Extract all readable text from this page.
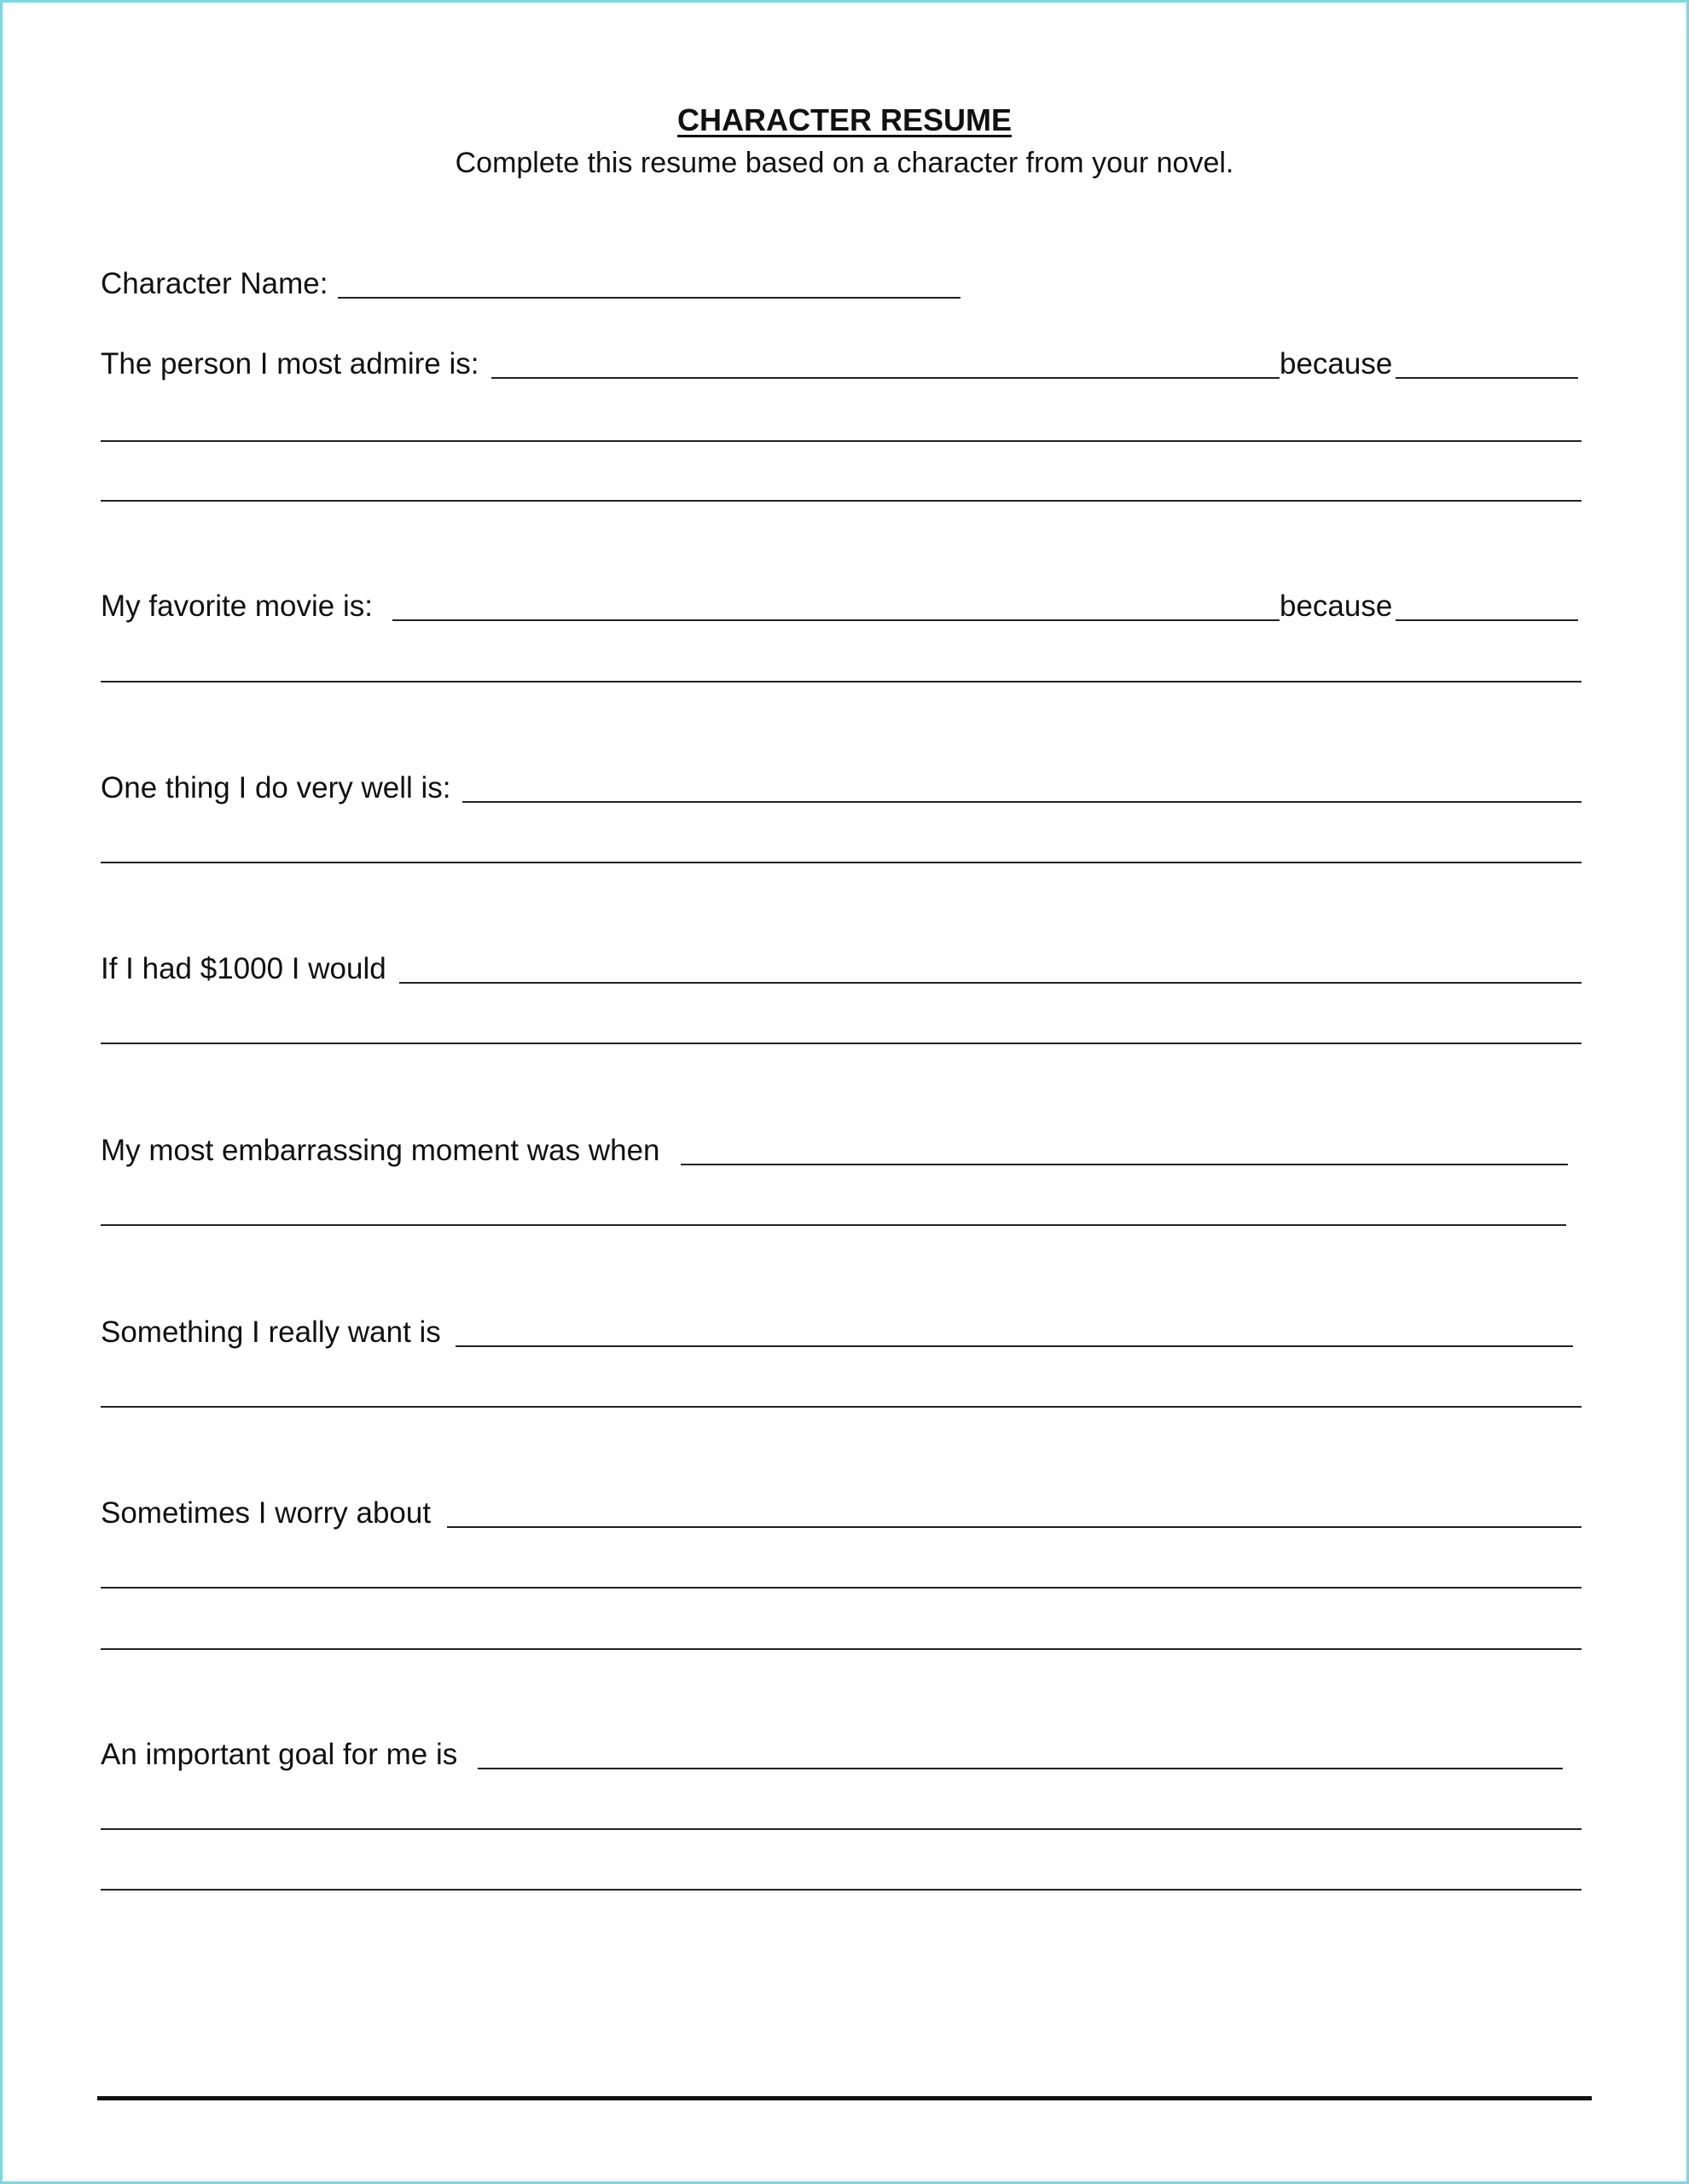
CHARACTER RESUME
Complete this resume based on a character from your novel.
Character Name:
The person I most admire is:	because
My favorite movie is:	because
One thing I do very well is:
If I had $1000 I would
My most embarrassing moment was when
Something I really want is
Sometimes I worry about
An important goal for me is
